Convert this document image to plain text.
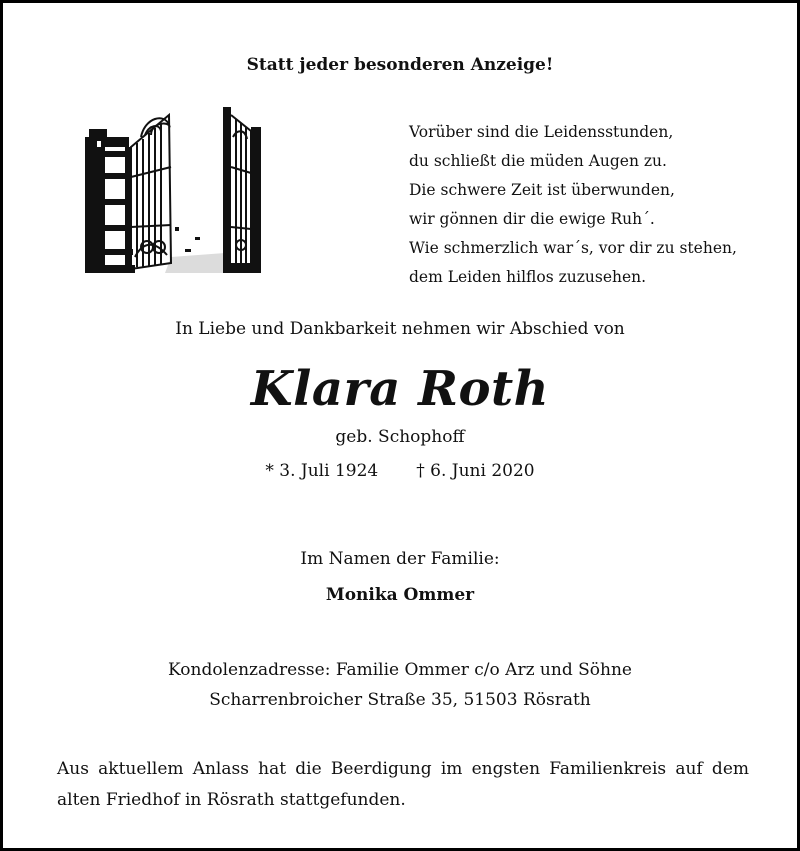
Statt jeder besonderen Anzeige!
Vorüber sind die Leidensstunden,
du schließt die müden Augen zu.
Die schwere Zeit ist überwunden,
wir gönnen dir die ewige Ruh´.
Wie schmerzlich war´s, vor dir zu stehen,
dem Leiden hilflos zuzusehen.
In Liebe und Dankbarkeit nehmen wir Abschied von
Klara Roth
geb. Schophoff
* 3. Juli 1924 † 6. Juni 2020
Im Namen der Familie:
Monika Ommer
Kondolenzadresse: Familie Ommer c/o Arz und Söhne
Scharrenbroicher Straße 35, 51503 Rösrath
Aus aktuellem Anlass hat die Beerdigung im engsten Familienkreis auf dem alten Friedhof in Rösrath stattgefunden.
